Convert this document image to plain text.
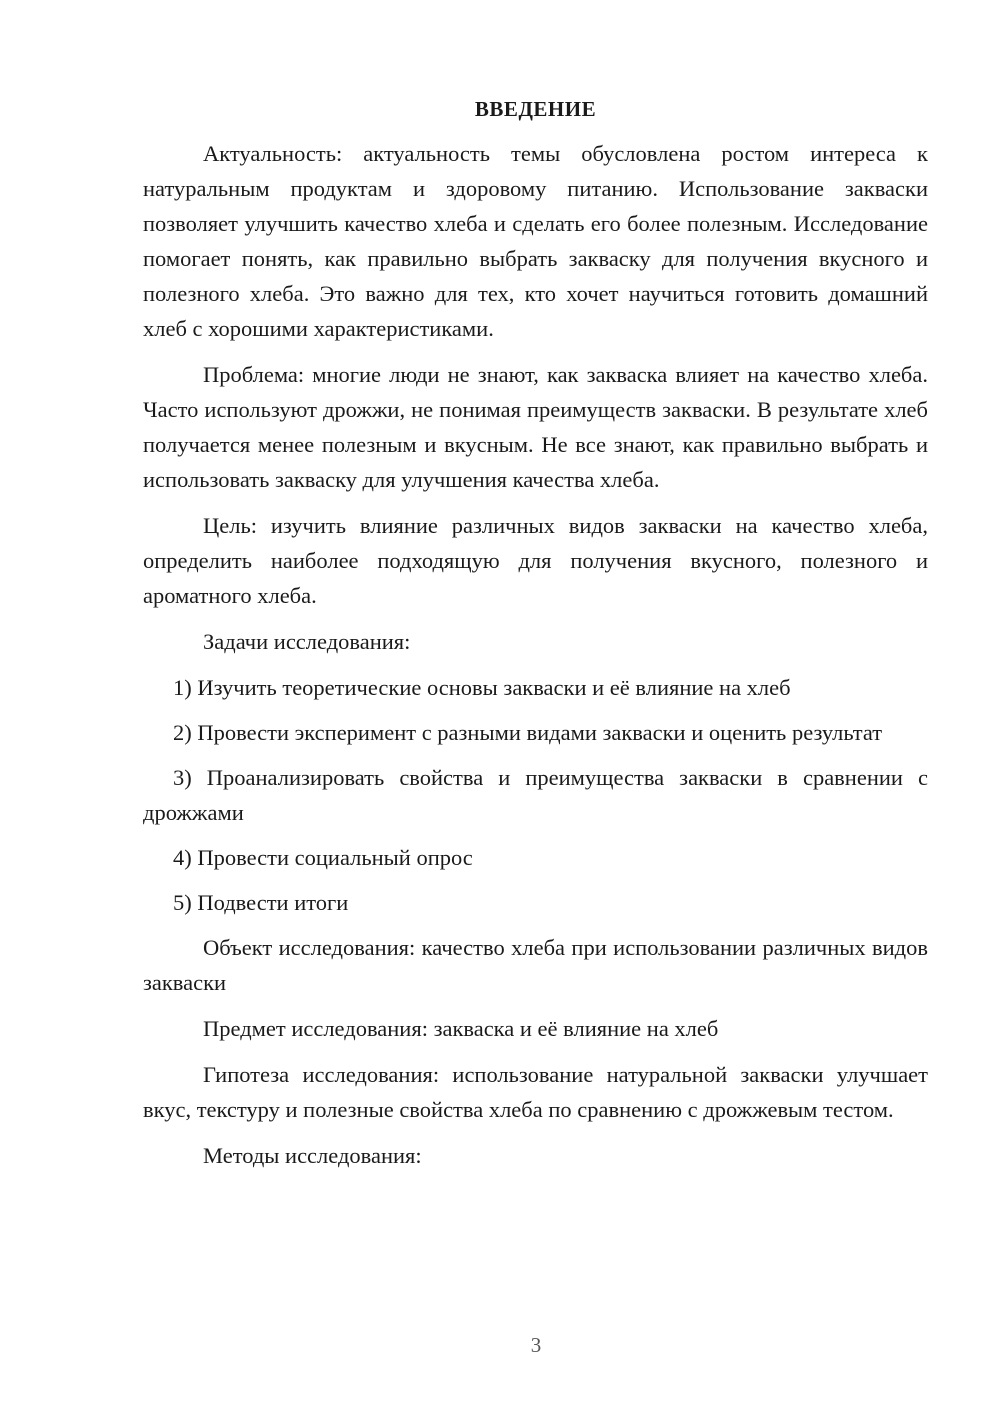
ВВЕДЕНИЕ

Актуальность: актуальность темы обусловлена ростом интереса к натуральным продуктам и здоровому питанию. Использование закваски позволяет улучшить качество хлеба и сделать его более полезным. Исследование помогает понять, как правильно выбрать закваску для получения вкусного и полезного хлеба. Это важно для тех, кто хочет научиться готовить домашний хлеб с хорошими характеристиками.

Проблема: многие люди не знают, как закваска влияет на качество хлеба. Часто используют дрожжи, не понимая преимуществ закваски. В результате хлеб получается менее полезным и вкусным. Не все знают, как правильно выбрать и использовать закваску для улучшения качества хлеба.

Цель: изучить влияние различных видов закваски на качество хлеба, определить наиболее подходящую для получения вкусного, полезного и ароматного хлеба.

Задачи исследования:

1) Изучить теоретические основы закваски и её влияние на хлеб

2) Провести эксперимент с разными видами закваски и оценить результат

3) Проанализировать свойства и преимущества закваски в сравнении с дрожжами

4) Провести социальный опрос

5) Подвести итоги

Объект исследования: качество хлеба при использовании различных видов закваски

Предмет исследования: закваска и её влияние на хлеб

Гипотеза исследования: использование натуральной закваски улучшает вкус, текстуру и полезные свойства хлеба по сравнению с дрожжевым тестом.

Методы исследования:

3
